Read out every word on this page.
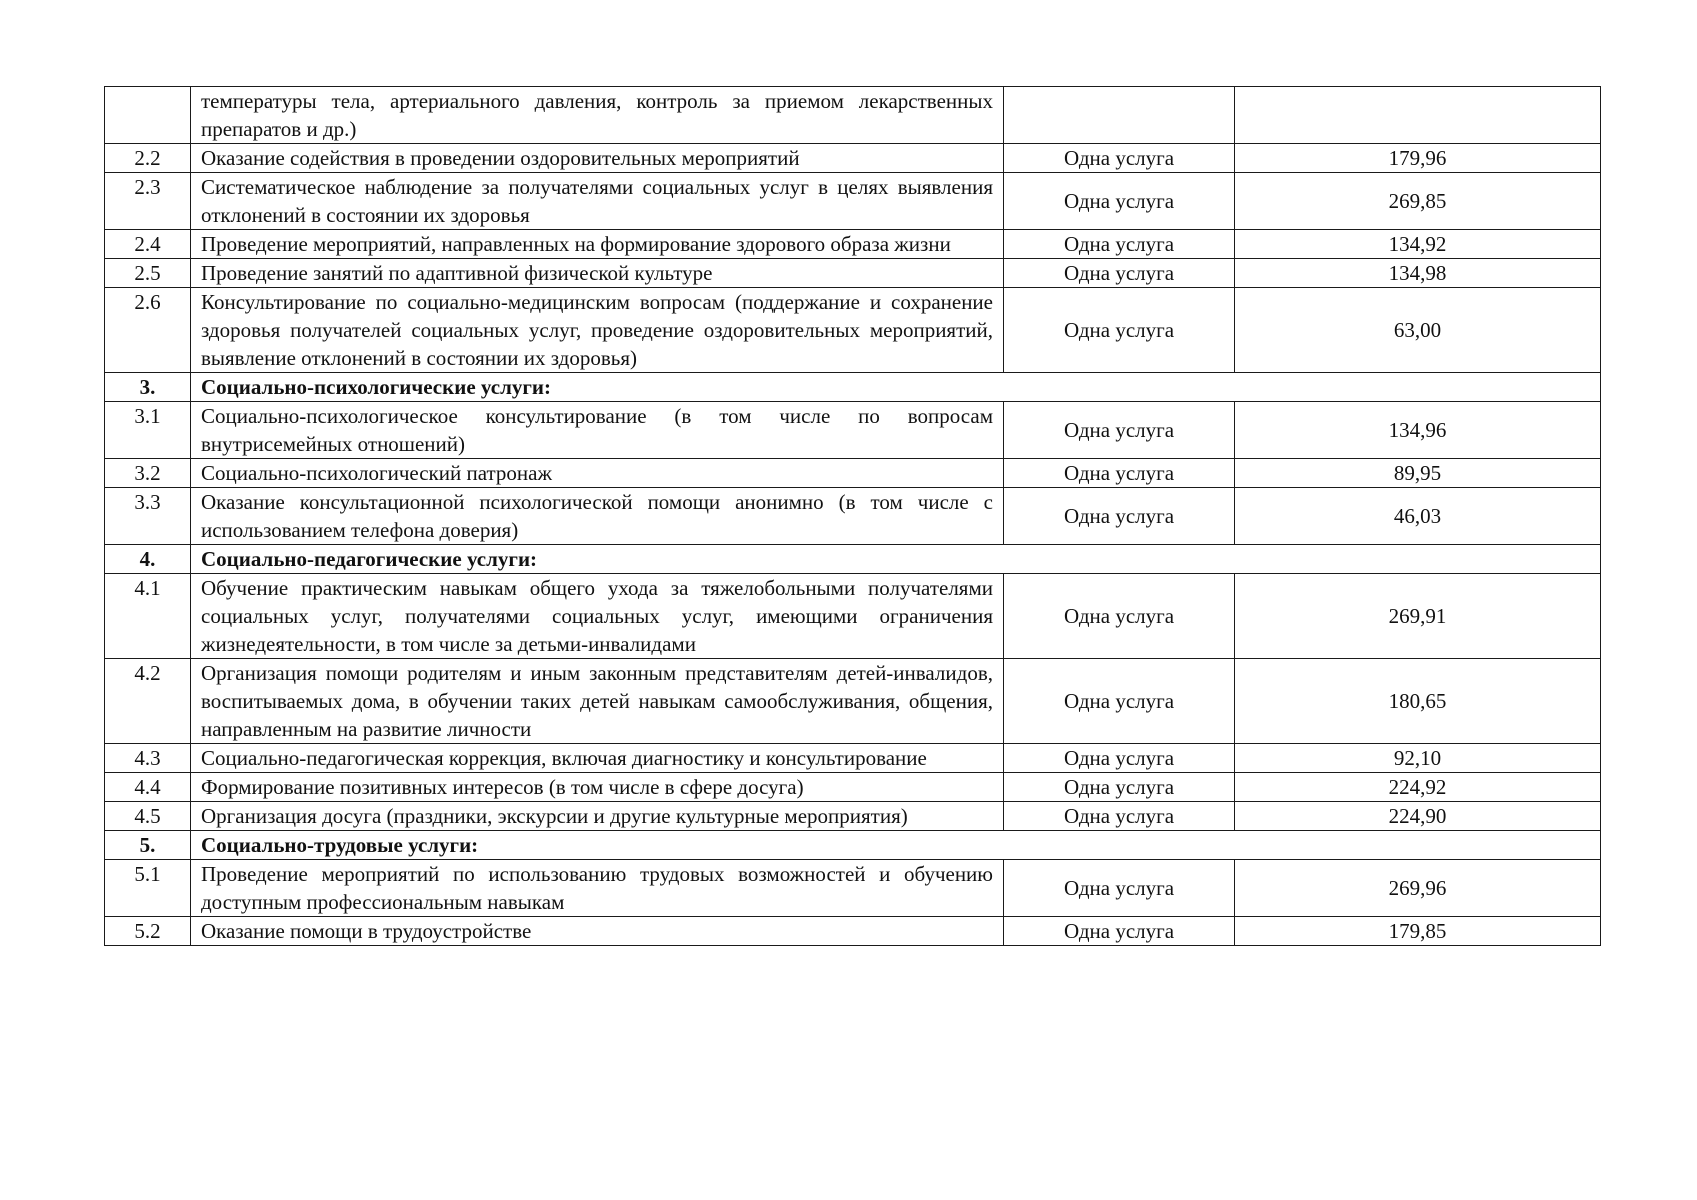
	температуры тела, артериального давления, контроль за приемом лекарственных препаратов и др.)		
2.2	Оказание содействия в проведении оздоровительных мероприятий	Одна услуга	179,96
2.3	Систематическое наблюдение за получателями социальных услуг в целях выявления отклонений в состоянии их здоровья	Одна услуга	269,85
2.4	Проведение мероприятий, направленных на формирование здорового образа жизни	Одна услуга	134,92
2.5	Проведение занятий по адаптивной физической культуре	Одна услуга	134,98
2.6	Консультирование по социально-медицинским вопросам (поддержание и сохранение здоровья получателей социальных услуг, проведение оздоровительных мероприятий, выявление отклонений в состоянии их здоровья)	Одна услуга	63,00
3.	Социально-психологические услуги:		
3.1	Социально-психологическое консультирование (в том числе по вопросам внутрисемейных отношений)	Одна услуга	134,96
3.2	Социально-психологический патронаж	Одна услуга	89,95
3.3	Оказание консультационной психологической помощи анонимно (в том числе с использованием телефона доверия)	Одна услуга	46,03
4.	Социально-педагогические услуги:		
4.1	Обучение практическим навыкам общего ухода за тяжелобольными получателями социальных услуг, получателями социальных услуг, имеющими ограничения жизнедеятельности, в том числе за детьми-инвалидами	Одна услуга	269,91
4.2	Организация помощи родителям и иным законным представителям детей-инвалидов, воспитываемых дома, в обучении таких детей навыкам самообслуживания, общения, направленным на развитие личности	Одна услуга	180,65
4.3	Социально-педагогическая коррекция, включая диагностику и консультирование	Одна услуга	92,10
4.4	Формирование позитивных интересов (в том числе в сфере досуга)	Одна услуга	224,92
4.5	Организация досуга (праздники, экскурсии и другие культурные мероприятия)	Одна услуга	224,90
5.	Социально-трудовые услуги:		
5.1	Проведение мероприятий по использованию трудовых возможностей и обучению доступным профессиональным навыкам	Одна услуга	269,96
5.2	Оказание помощи в трудоустройстве	Одна услуга	179,85
